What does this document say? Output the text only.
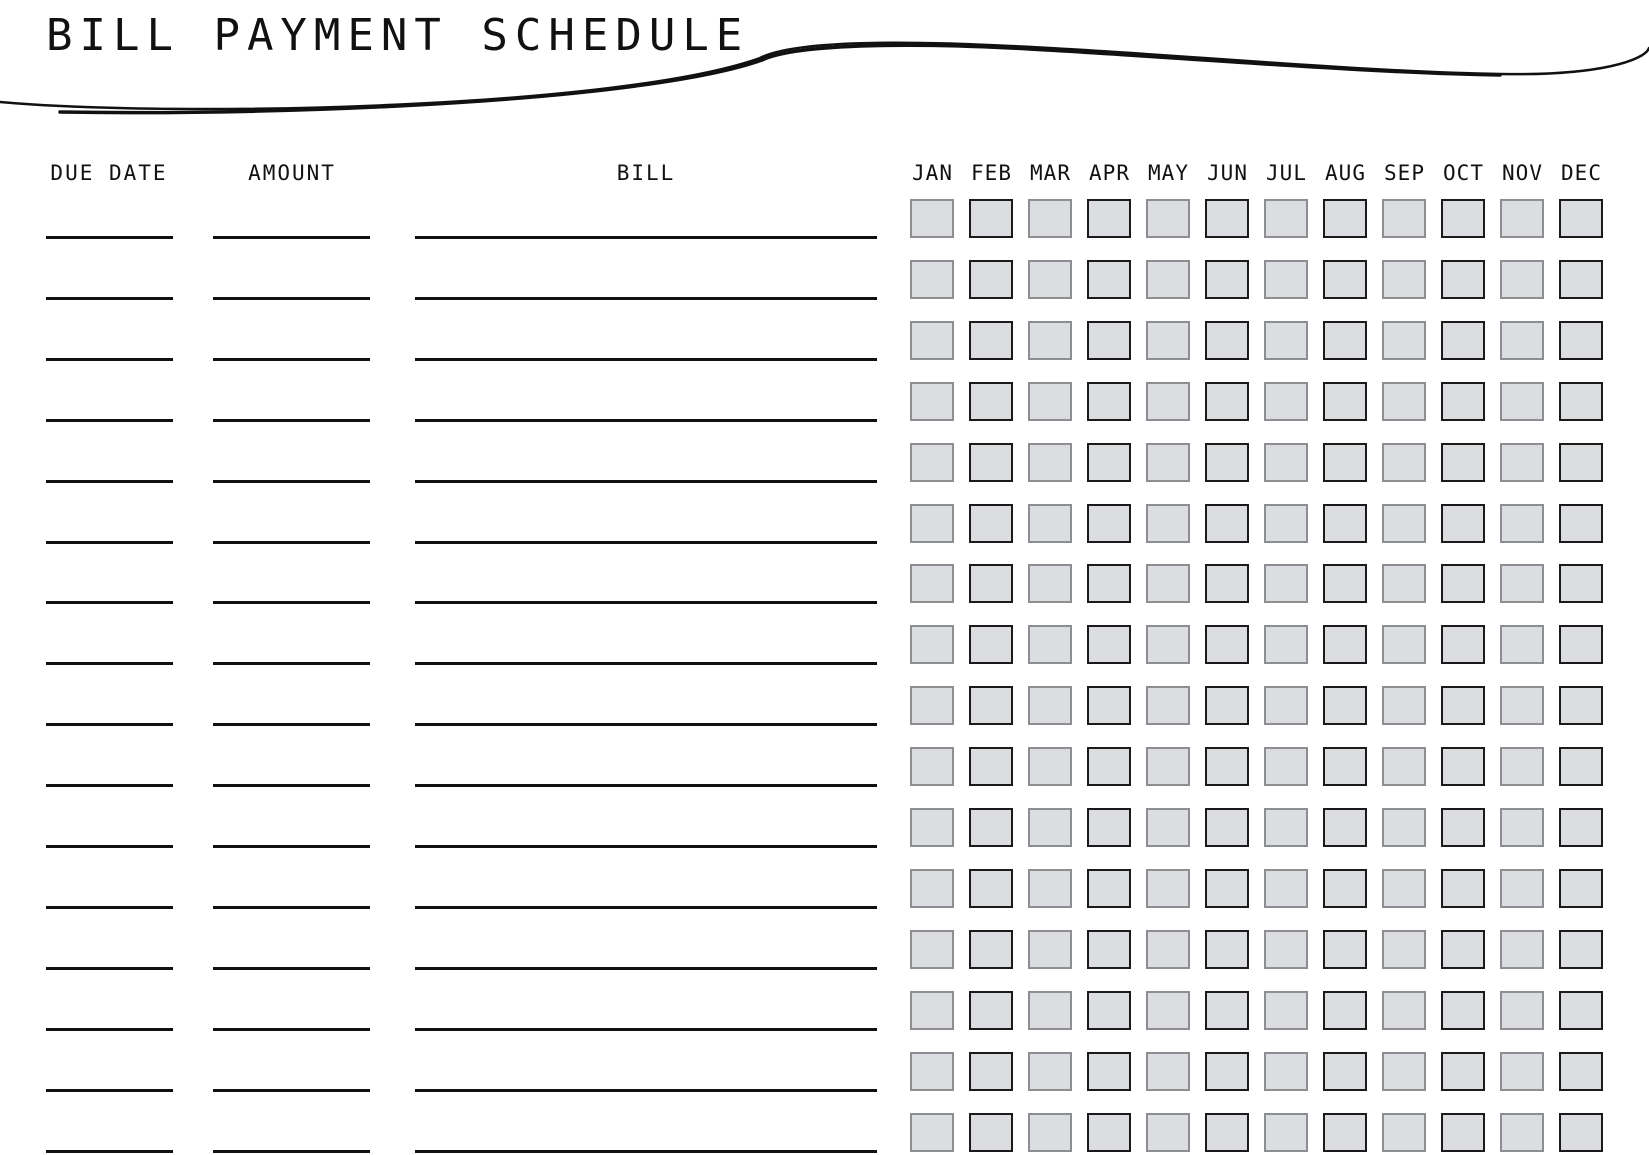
BILL PAYMENT SCHEDULE
DUE DATE	AMOUNT	BILL	JAN FEB MAR APR MAY JUN JUL AUG SEP OCT NOV DEC
